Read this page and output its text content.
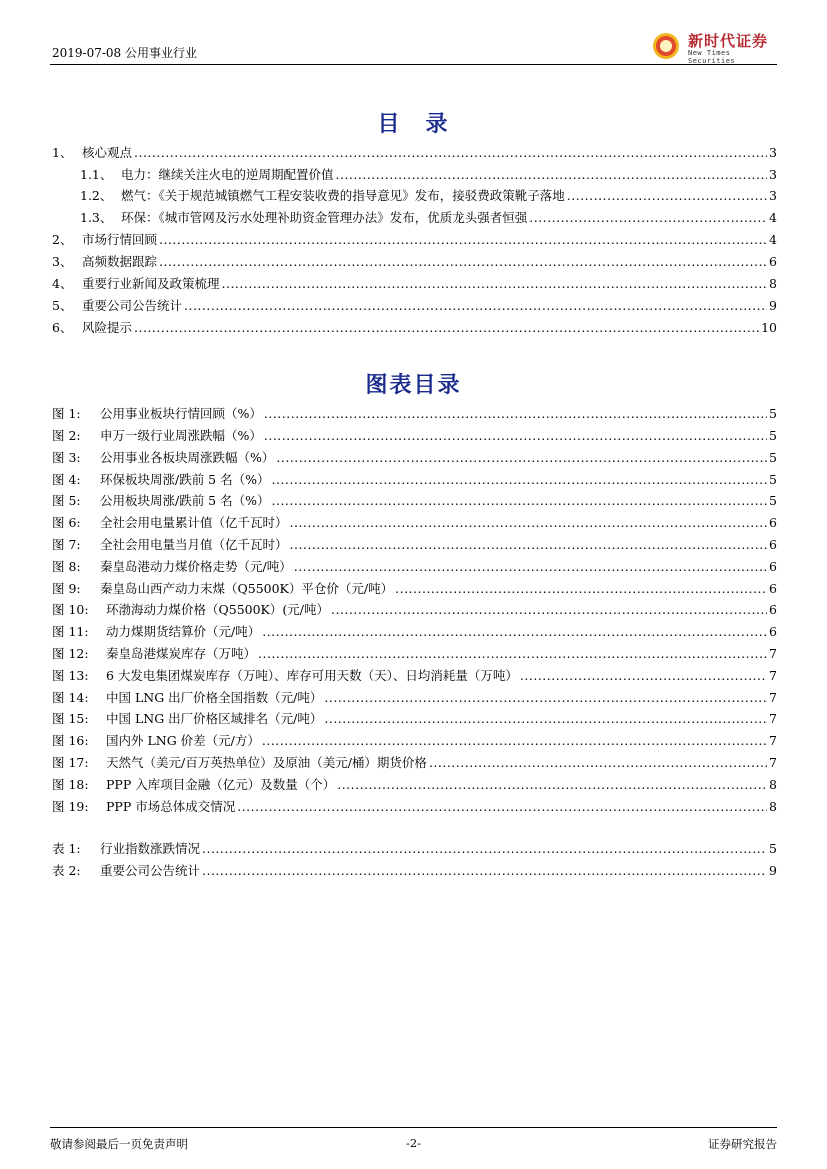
2019-07-08 公用事业行业
新时代证券
New Times Securities
目　录
1、 核心观点 .....	3
1.1、 电力：继续关注火电的逆周期配置价值 .....	3
1.2、 燃气：《关于规范城镇燃气工程安装收费的指导意见》发布，接驳费政策靴子落地 .....	3
1.3、 环保：《城市管网及污水处理补助资金管理办法》发布，优质龙头强者恒强 .....	4
2、 市场行情回顾 .....	4
3、 高频数据跟踪 .....	6
4、 重要行业新闻及政策梳理 .....	8
5、 重要公司公告统计 .....	9
6、 风险提示 .....	10
图表目录
图 1:	公用事业板块行情回顾（%） .....	5
图 2:	申万一级行业周涨跌幅（%） .....	5
图 3:	公用事业各板块周涨跌幅（%） .....	5
图 4:	环保板块周涨/跌前 5 名（%） .....	5
图 5:	公用板块周涨/跌前 5 名（%） .....	5
图 6:	全社会用电量累计值（亿千瓦时） .....	6
图 7:	全社会用电量当月值（亿千瓦时） .....	6
图 8:	秦皇岛港动力煤价格走势（元/吨） .....	6
图 9:	秦皇岛山西产动力末煤（Q5500K）平仓价（元/吨） .....	6
图 10:	环渤海动力煤价格（Q5500K）(元/吨） .....	6
图 11:	动力煤期货结算价（元/吨） .....	6
图 12:	秦皇岛港煤炭库存（万吨） .....	7
图 13:	6 大发电集团煤炭库存（万吨）、库存可用天数（天）、日均消耗量（万吨） .....	7
图 14:	中国 LNG 出厂价格全国指数（元/吨） .....	7
图 15:	中国 LNG 出厂价格区域排名（元/吨） .....	7
图 16:	国内外 LNG 价差（元/方） .....	7
图 17:	天然气（美元/百万英热单位）及原油（美元/桶）期货价格 .....	7
图 18:	PPP 入库项目金融（亿元）及数量（个） .....	8
图 19:	PPP 市场总体成交情况 .....	8
表 1:	行业指数涨跌情况 .....	5
表 2:	重要公司公告统计 .....	9
敬请参阅最后一页免责声明	-2-	证券研究报告
